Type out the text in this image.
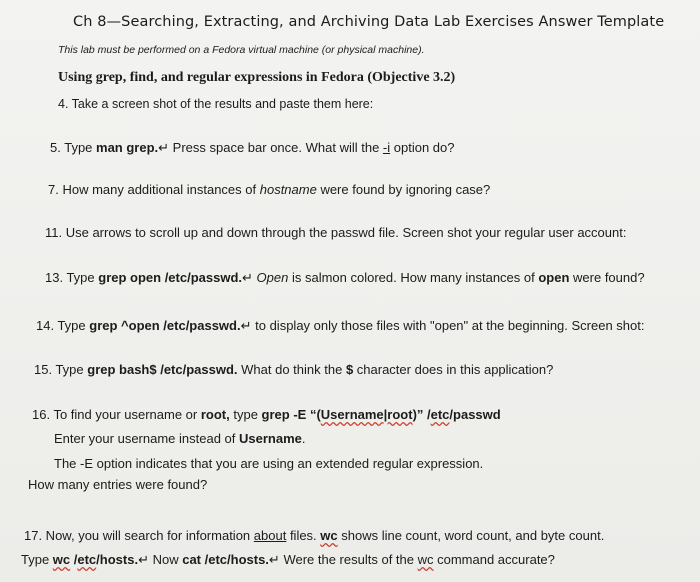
Ch 8—Searching, Extracting, and Archiving Data Lab Exercises Answer Template
This lab must be performed on a Fedora virtual machine (or physical machine).
Using grep, find, and regular expressions in Fedora (Objective 3.2)
4. Take a screen shot of the results and paste them here:
5. Type man grep.↵ Press space bar once. What will the -i option do?
7. How many additional instances of hostname were found by ignoring case?
11. Use arrows to scroll up and down through the passwd file. Screen shot your regular user account:
13. Type grep open /etc/passwd.↵ Open is salmon colored. How many instances of open were found?
14. Type grep ^open /etc/passwd.↵ to display only those files with "open" at the beginning. Screen shot:
15. Type grep bash$ /etc/passwd. What do think the $ character does in this application?
16. To find your username or root, type grep -E “(Username|root)” /etc/passwd
Enter your username instead of Username.
The -E option indicates that you are using an extended regular expression.
How many entries were found?
17. Now, you will search for information about files. wc shows line count, word count, and byte count.
Type wc /etc/hosts.↵ Now cat /etc/hosts.↵ Were the results of the wc command accurate?
